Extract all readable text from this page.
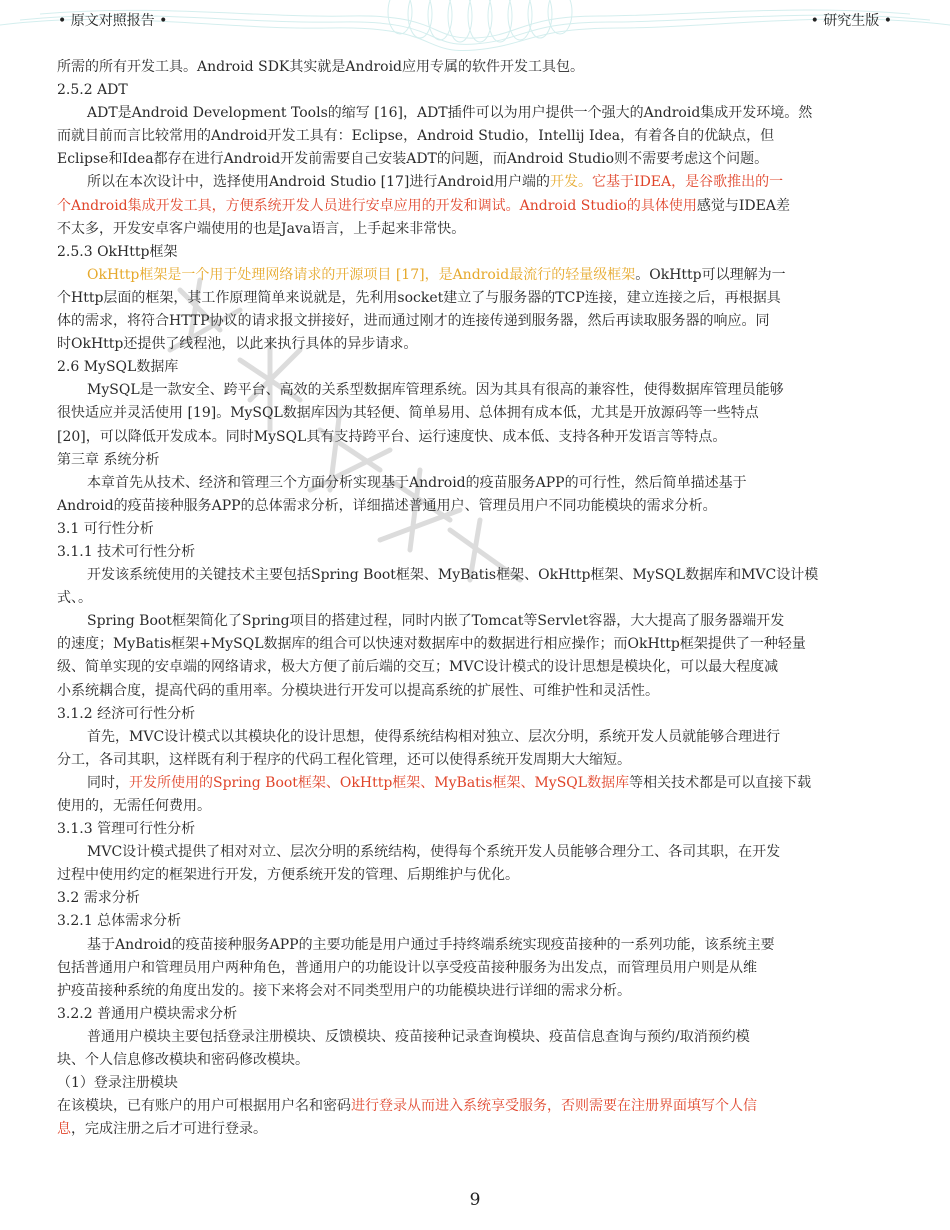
• 原文对照报告 •	• 研究生版 •
所需的所有开发工具。Android SDK其实就是Android应用专属的软件开发工具包。
2.5.2 ADT
ADT是Android Development Tools的缩写 [16]，ADT插件可以为用户提供一个强大的Android集成开发环境。然
而就目前而言比较常用的Android开发工具有：Eclipse，Android Studio，Intellij Idea，有着各自的优缺点，但
Eclipse和Idea都存在进行Android开发前需要自己安装ADT的问题，而Android Studio则不需要考虑这个问题。
所以在本次设计中，选择使用Android Studio [17]进行Android用户端的开发。它基于IDEA，是谷歌推出的一
个Android集成开发工具，方便系统开发人员进行安卓应用的开发和调试。Android Studio的具体使用感觉与IDEA差
不太多，开发安卓客户端使用的也是Java语言，上手起来非常快。
2.5.3 OkHttp框架
OkHttp框架是一个用于处理网络请求的开源项目 [17]，是Android最流行的轻量级框架。OkHttp可以理解为一
个Http层面的框架，其工作原理简单来说就是，先利用socket建立了与服务器的TCP连接，建立连接之后，再根据具
体的需求，将符合HTTP协议的请求报文拼接好，进而通过刚才的连接传递到服务器，然后再读取服务器的响应。同
时OkHttp还提供了线程池，以此来执行具体的异步请求。
2.6 MySQL数据库
MySQL是一款安全、跨平台、高效的关系型数据库管理系统。因为其具有很高的兼容性，使得数据库管理员能够
很快适应并灵活使用 [19]。MySQL数据库因为其轻便、简单易用、总体拥有成本低，尤其是开放源码等一些特点
[20]，可以降低开发成本。同时MySQL具有支持跨平台、运行速度快、成本低、支持各种开发语言等特点。
第三章 系统分析
本章首先从技术、经济和管理三个方面分析实现基于Android的疫苗服务APP的可行性，然后简单描述基于
Android的疫苗接种服务APP的总体需求分析，详细描述普通用户、管理员用户不同功能模块的需求分析。
3.1 可行性分析
3.1.1 技术可行性分析
开发该系统使用的关键技术主要包括Spring Boot框架、MyBatis框架、OkHttp框架、MySQL数据库和MVC设计模
式、。
Spring Boot框架简化了Spring项目的搭建过程，同时内嵌了Tomcat等Servlet容器，大大提高了服务器端开发
的速度；MyBatis框架+MySQL数据库的组合可以快速对数据库中的数据进行相应操作；而OkHttp框架提供了一种轻量
级、简单实现的安卓端的网络请求，极大方便了前后端的交互；MVC设计模式的设计思想是模块化，可以最大程度减
小系统耦合度，提高代码的重用率。分模块进行开发可以提高系统的扩展性、可维护性和灵活性。
3.1.2 经济可行性分析
首先，MVC设计模式以其模块化的设计思想，使得系统结构相对独立、层次分明，系统开发人员就能够合理进行
分工，各司其职，这样既有利于程序的代码工程化管理，还可以使得系统开发周期大大缩短。
同时，开发所使用的Spring Boot框架、OkHttp框架、MyBatis框架、MySQL数据库等相关技术都是可以直接下载
使用的，无需任何费用。
3.1.3 管理可行性分析
MVC设计模式提供了相对对立、层次分明的系统结构，使得每个系统开发人员能够合理分工、各司其职，在开发
过程中使用约定的框架进行开发，方便系统开发的管理、后期维护与优化。
3.2 需求分析
3.2.1 总体需求分析
基于Android的疫苗接种服务APP的主要功能是用户通过手持终端系统实现疫苗接种的一系列功能，该系统主要
包括普通用户和管理员用户两种角色，普通用户的功能设计以享受疫苗接种服务为出发点，而管理员用户则是从维
护疫苗接种系统的角度出发的。接下来将会对不同类型用户的功能模块进行详细的需求分析。
3.2.2 普通用户模块需求分析
普通用户模块主要包括登录注册模块、反馈模块、疫苗接种记录查询模块、疫苗信息查询与预约/取消预约模
块、个人信息修改模块和密码修改模块。
（1）登录注册模块
在该模块，已有账户的用户可根据用户名和密码进行登录从而进入系统享受服务，否则需要在注册界面填写个人信
息，完成注册之后才可进行登录。
9
